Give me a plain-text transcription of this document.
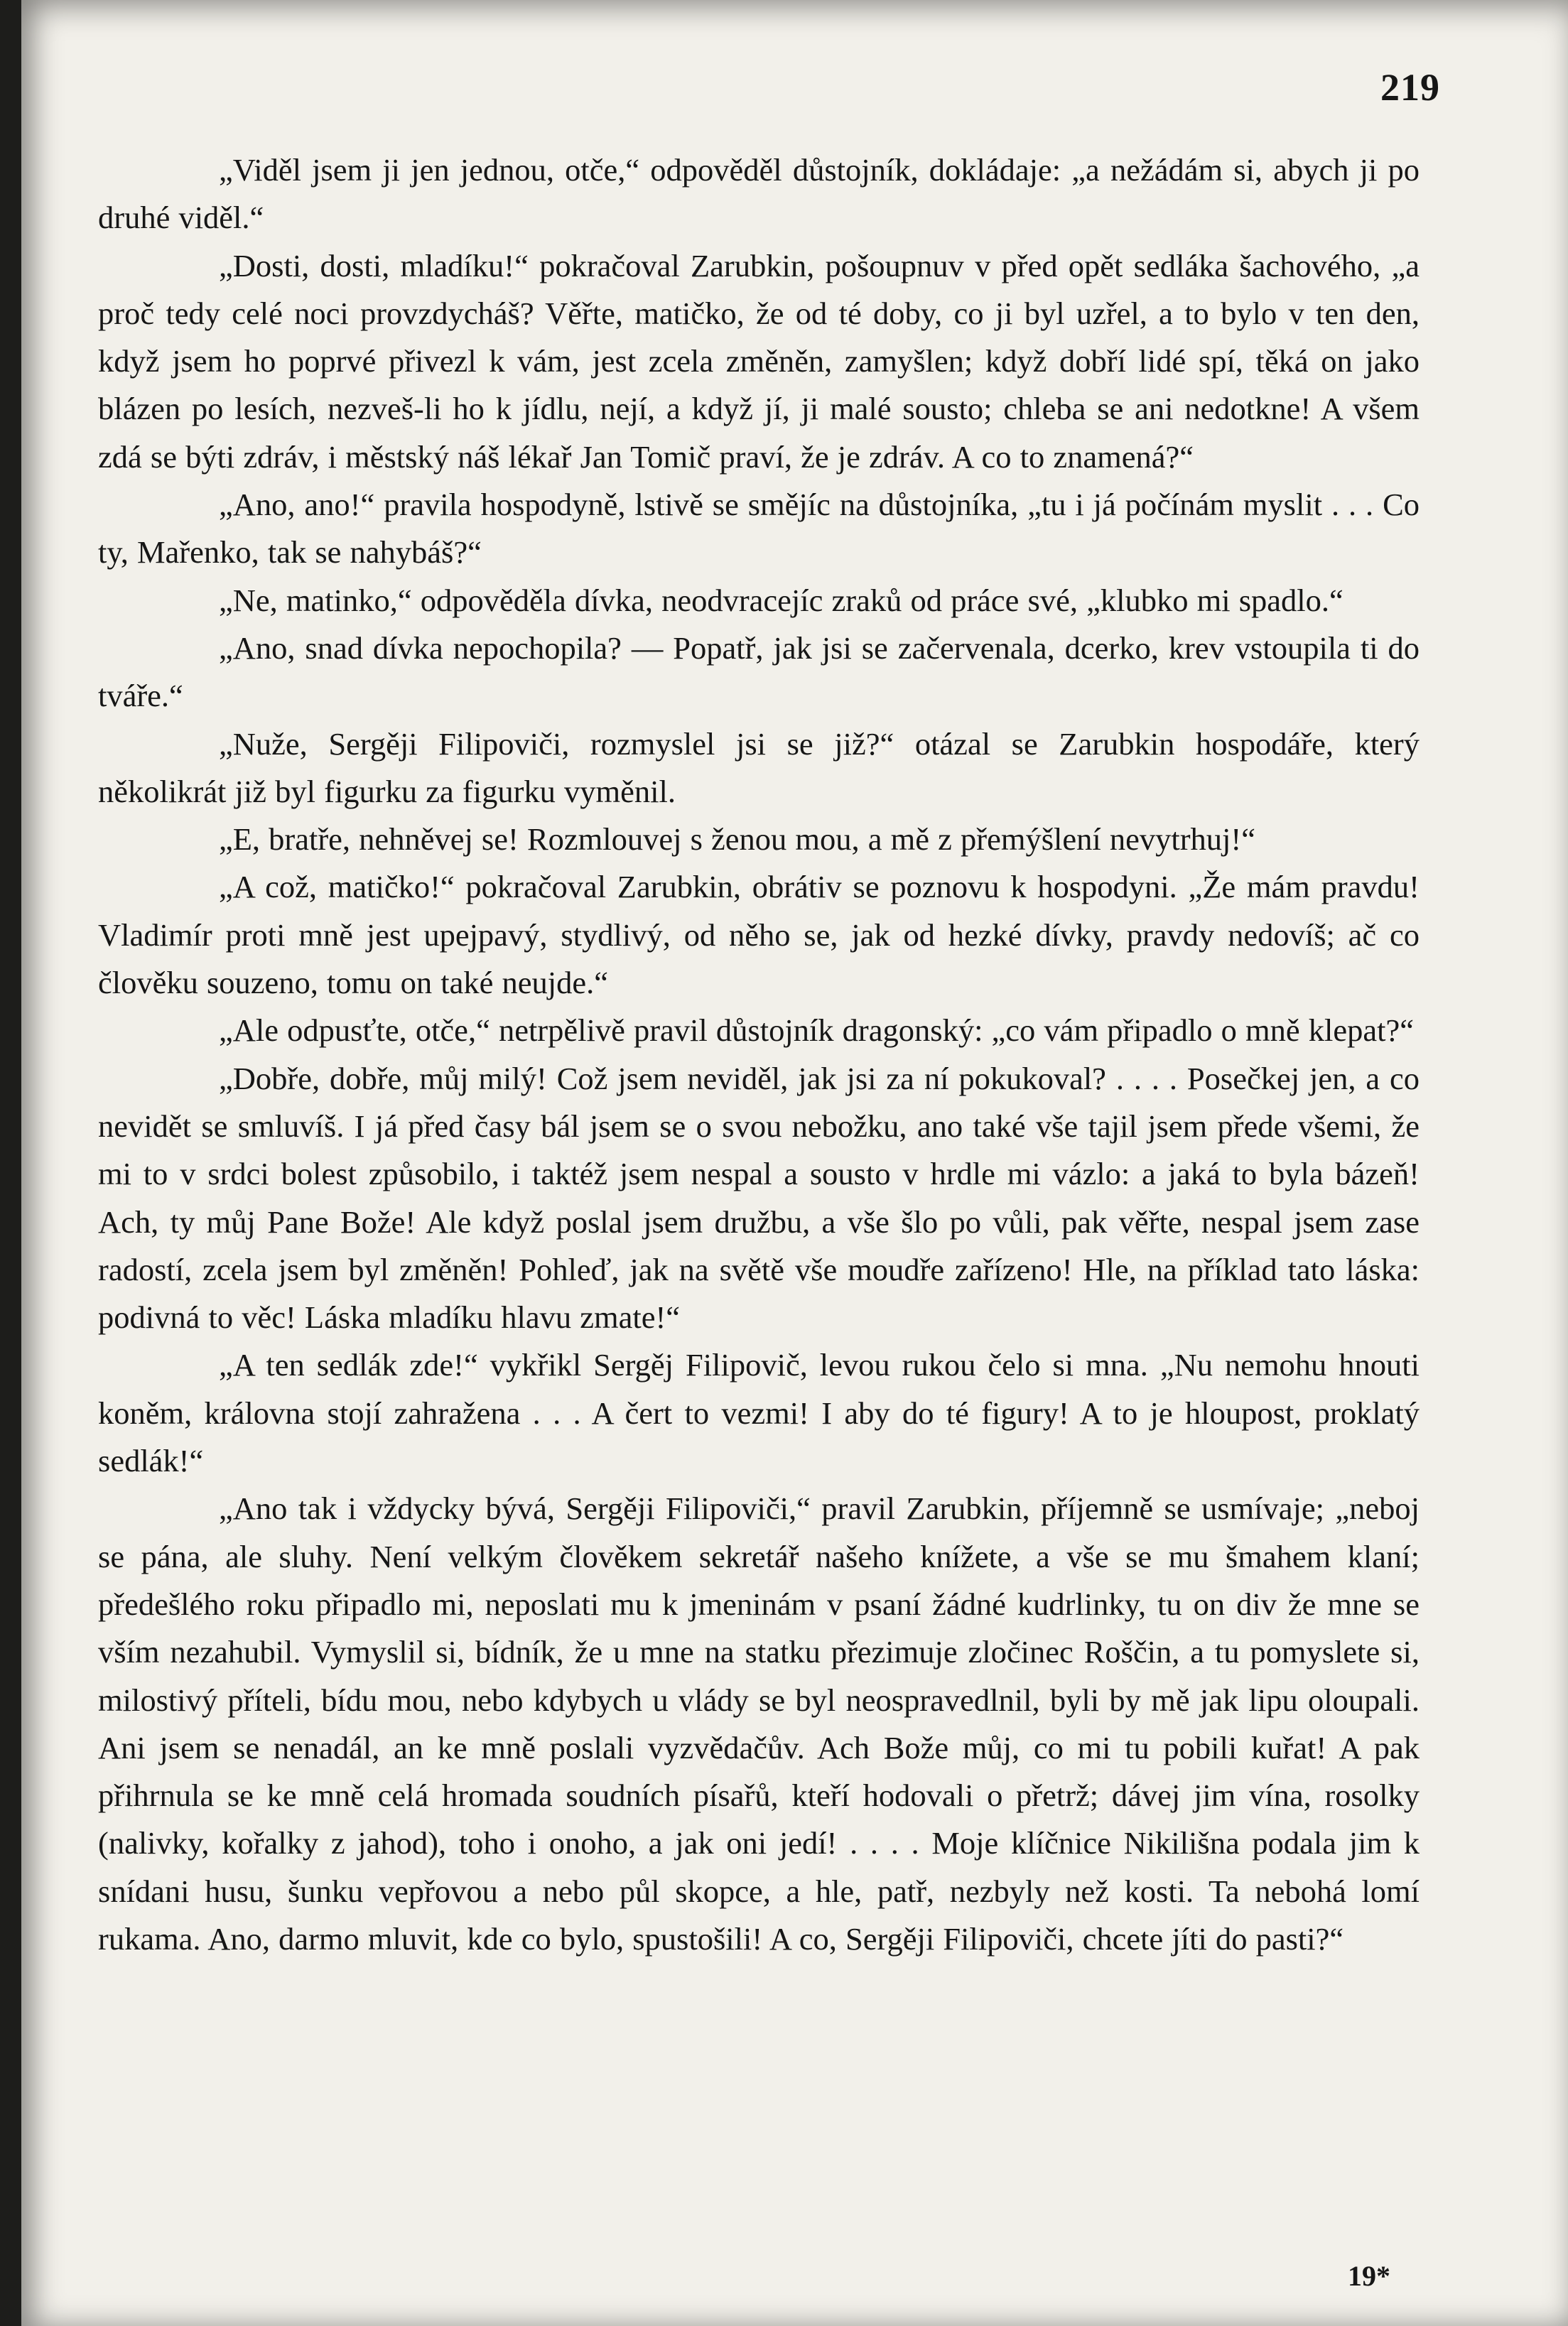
219

„Viděl jsem ji jen jednou, otče,“ odpověděl důstojník, dokládaje: „a nežádám si, abych ji po druhé viděl.“

„Dosti, dosti, mladíku!“ pokračoval Zarubkin, pošoupnuv v před opět sedláka šachového, „a proč tedy celé noci provzdycháš? Věřte, matičko, že od té doby, co ji byl uzřel, a to bylo v ten den, když jsem ho poprvé přivezl k vám, jest zcela změněn, zamyšlen; když dobří lidé spí, těká on jako blázen po lesích, nezveš-li ho k jídlu, nejí, a když jí, ji malé sousto; chleba se ani nedotkne! A všem zdá se býti zdráv, i městský náš lékař Jan Tomič praví, že je zdráv. A co to znamená?“

„Ano, ano!“ pravila hospodyně, lstivě se smějíc na důstojníka, „tu i já počínám myslit . . . Co ty, Mařenko, tak se nahybáš?“

„Ne, matinko,“ odpověděla dívka, neodvracejíc zraků od práce své, „klubko mi spadlo.“

„Ano, snad dívka nepochopila? — Popatř, jak jsi se začervenala, dcerko, krev vstoupila ti do tváře.“

„Nuže, Sergěji Filipoviči, rozmyslel jsi se již?“ otázal se Zarubkin hospodáře, který několikrát již byl figurku za figurku vyměnil.

„E, bratře, nehněvej se! Rozmlouvej s ženou mou, a mě z přemýšlení nevytrhuj!“

„A což, matičko!“ pokračoval Zarubkin, obrátiv se poznovu k hospodyni. „Že mám pravdu! Vladimír proti mně jest upejpavý, stydlivý, od něho se, jak od hezké dívky, pravdy nedovíš; ač co člověku souzeno, tomu on také neujde.“

„Ale odpusťte, otče,“ netrpělivě pravil důstojník dragonský: „co vám připadlo o mně klepat?“

„Dobře, dobře, můj milý! Což jsem neviděl, jak jsi za ní pokukoval? . . . . Posečkej jen, a co nevidět se smluvíš. I já před časy bál jsem se o svou nebožku, ano také vše tajil jsem přede všemi, že mi to v srdci bolest způsobilo, i taktéž jsem nespal a sousto v hrdle mi vázlo: a jaká to byla bázeň! Ach, ty můj Pane Bože! Ale když poslal jsem družbu, a vše šlo po vůli, pak věřte, nespal jsem zase radostí, zcela jsem byl změněn! Pohleď, jak na světě vše moudře zařízeno! Hle, na příklad tato láska: podivná to věc! Láska mladíku hlavu zmate!“

„A ten sedlák zde!“ vykřikl Sergěj Filipovič, levou rukou čelo si mna. „Nu nemohu hnouti koněm, královna stojí zahražena . . . A čert to vezmi! I aby do té figury! A to je hloupost, proklatý sedlák!“

„Ano tak i vždycky bývá, Sergěji Filipoviči,“ pravil Zarubkin, příjemně se usmívaje; „neboj se pána, ale sluhy. Není velkým člověkem sekretář našeho knížete, a vše se mu šmahem klaní; předešlého roku připadlo mi, neposlati mu k jmeninám v psaní žádné kudrlinky, tu on div že mne se vším nezahubil. Vymyslil si, bídník, že u mne na statku přezimuje zločinec Roščin, a tu pomyslete si, milostivý příteli, bídu mou, nebo kdybych u vlády se byl neospravedlnil, byli by mě jak lipu oloupali. Ani jsem se nenadál, an ke mně poslali vyzvědačův. Ach Bože můj, co mi tu pobili kuřat! A pak přihrnula se ke mně celá hromada soudních písařů, kteří hodovali o přetrž; dávej jim vína, rosolky (nalivky, kořalky z jahod), toho i onoho, a jak oni jedí! . . . . Moje klíčnice Nikilišna podala jim k snídani husu, šunku vepřovou a nebo půl skopce, a hle, patř, nezbyly než kosti. Ta nebohá lomí rukama. Ano, darmo mluvit, kde co bylo, spustošili! A co, Sergěji Filipoviči, chcete jíti do pasti?“

19*
